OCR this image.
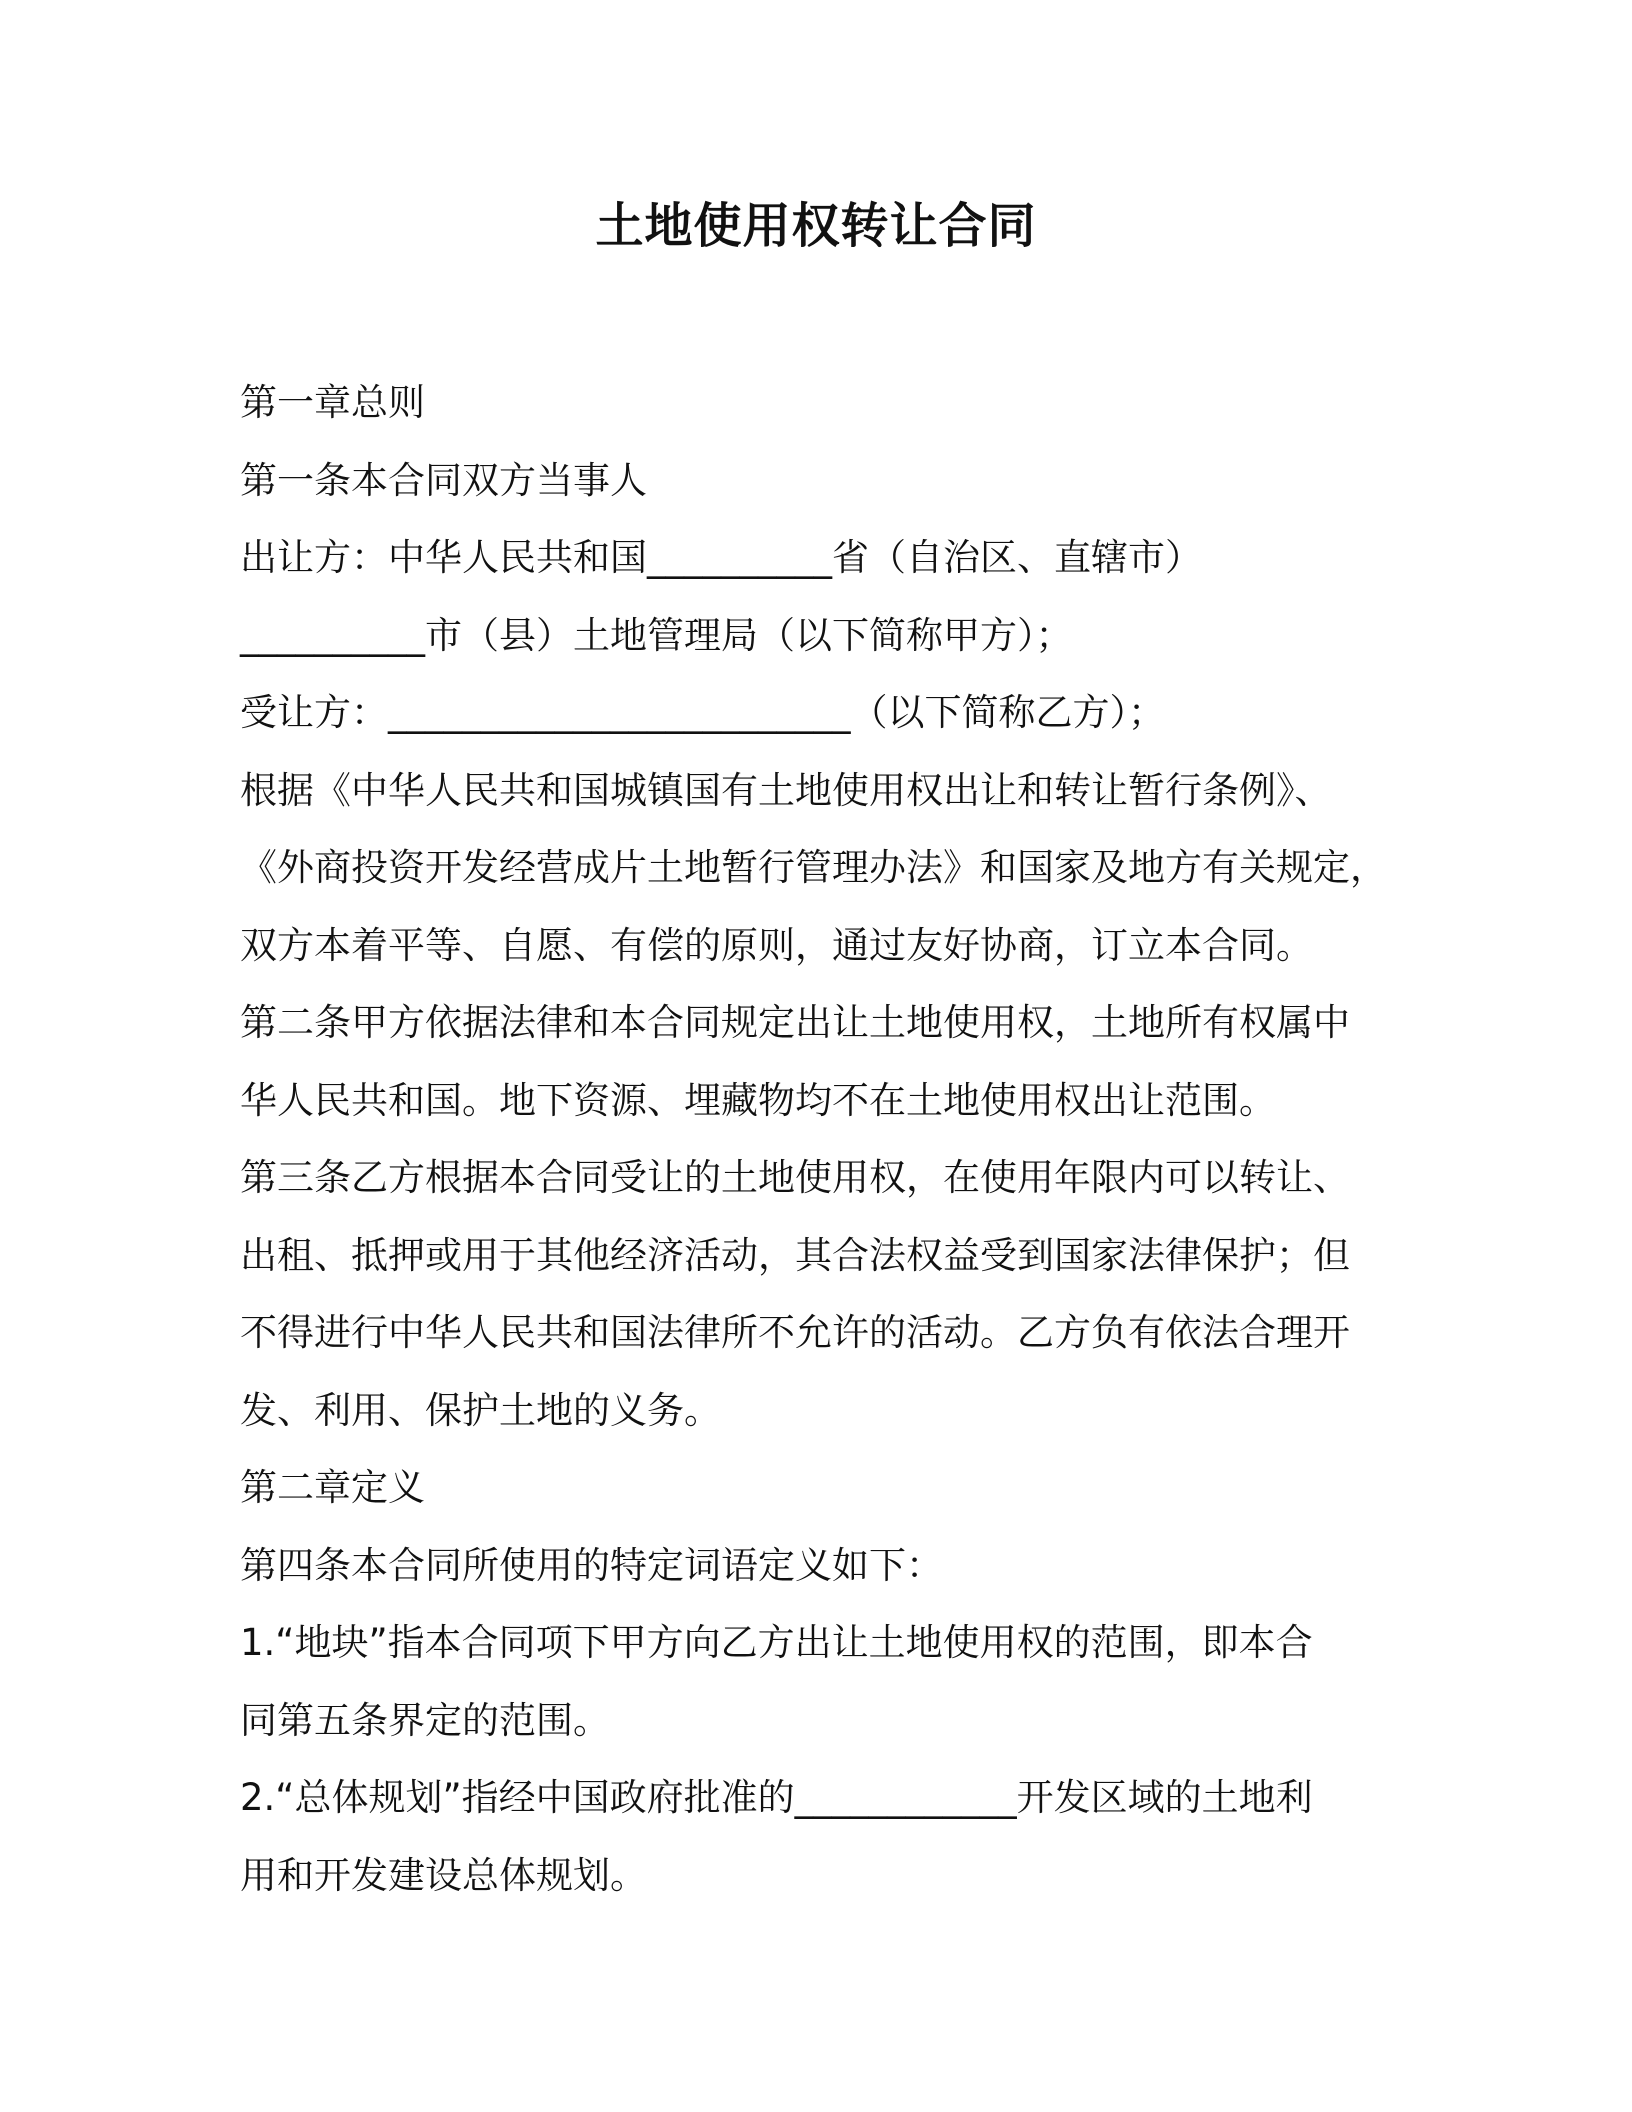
土地使用权转让合同
第一章总则
第一条本合同双方当事人
出让方：中华人民共和国__________省（自治区、直辖市）
__________市（县）土地管理局（以下简称甲方）；
受让方：_________________________（以下简称乙方）；
根据《中华人民共和国城镇国有土地使用权出让和转让暂行条例》、
《外商投资开发经营成片土地暂行管理办法》和国家及地方有关规定，
双方本着平等、自愿、有偿的原则，通过友好协商，订立本合同。
第二条甲方依据法律和本合同规定出让土地使用权，土地所有权属中
华人民共和国。地下资源、埋藏物均不在土地使用权出让范围。
第三条乙方根据本合同受让的土地使用权，在使用年限内可以转让、
出租、抵押或用于其他经济活动，其合法权益受到国家法律保护；但
不得进行中华人民共和国法律所不允许的活动。乙方负有依法合理开
发、利用、保护土地的义务。
第二章定义
第四条本合同所使用的特定词语定义如下：
1.“地块”指本合同项下甲方向乙方出让土地使用权的范围，即本合
同第五条界定的范围。
2.“总体规划”指经中国政府批准的____________开发区域的土地利
用和开发建设总体规划。
